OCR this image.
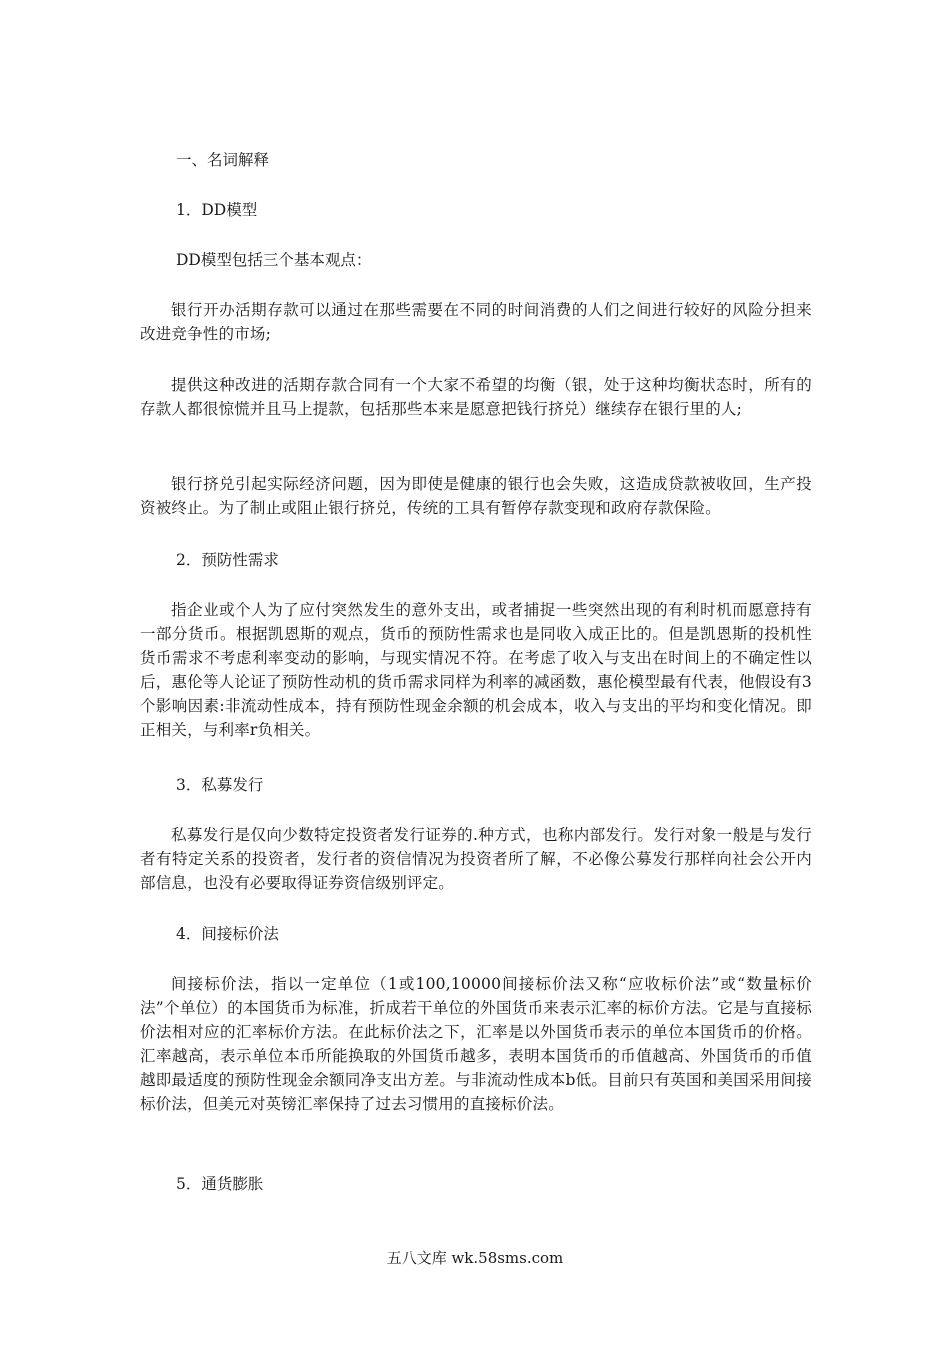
一、名词解释

1．DD模型

DD模型包括三个基本观点：

银行开办活期存款可以通过在那些需要在不同的时间消费的人们之间进行较好的风险分担来改进竞争性的市场;

提供这种改进的活期存款合同有一个大家不希望的均衡（银，处于这种均衡状态时，所有的存款人都很惊慌并且马上提款，包括那些本来是愿意把钱行挤兑）继续存在银行里的人;

银行挤兑引起实际经济问题，因为即使是健康的银行也会失败，这造成贷款被收回，生产投资被终止。为了制止或阻止银行挤兑，传统的工具有暂停存款变现和政府存款保险。

2．预防性需求

指企业或个人为了应付突然发生的意外支出，或者捕捉一些突然出现的有利时机而愿意持有一部分货币。根据凯恩斯的观点，货币的预防性需求也是同收入成正比的。但是凯恩斯的投机性货币需求不考虑利率变动的影响，与现实情况不符。在考虑了收入与支出在时间上的不确定性以后，惠伦等人论证了预防性动机的货币需求同样为利率的减函数，惠伦模型最有代表，他假设有3个影响因素:非流动性成本，持有预防性现金余额的机会成本，收入与支出的平均和变化情况。即正相关，与利率r负相关。

3．私募发行

私募发行是仅向少数特定投资者发行证券的.种方式，也称内部发行。发行对象一般是与发行者有特定关系的投资者，发行者的资信情况为投资者所了解，不必像公募发行那样向社会公开内部信息，也没有必要取得证券资信级别评定。

4．间接标价法

间接标价法，指以一定单位（1或100,10000间接标价法又称“应收标价法”或“数量标价法”个单位）的本国货币为标准，折成若干单位的外国货币来表示汇率的标价方法。它是与直接标价法相对应的汇率标价方法。在此标价法之下，汇率是以外国货币表示的单位本国货币的价格。汇率越高，表示单位本币所能换取的外国货币越多，表明本国货币的币值越高、外国货币的币值越即最适度的预防性现金余额同净支出方差。与非流动性成本b低。目前只有英国和美国采用间接标价法，但美元对英镑汇率保持了过去习惯用的直接标价法。

5．通货膨胀

五八文库 wk.58sms.com
